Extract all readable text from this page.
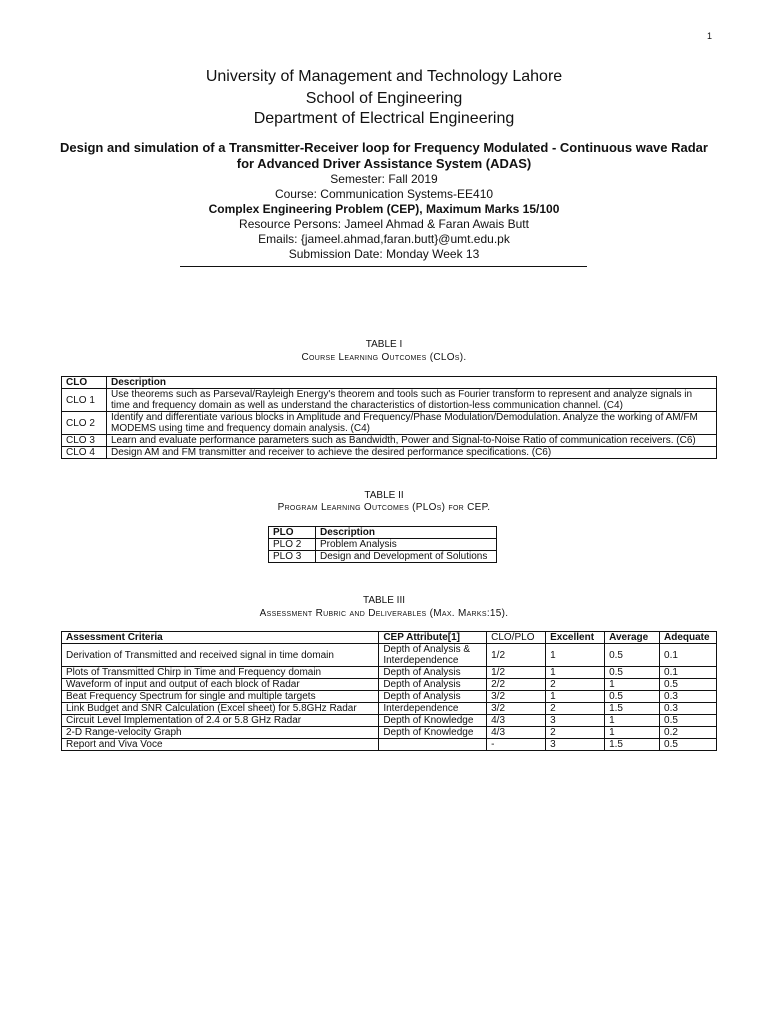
1
University of Management and Technology Lahore
School of Engineering
Department of Electrical Engineering
Design and simulation of a Transmitter-Receiver loop for Frequency Modulated - Continuous wave Radar for Advanced Driver Assistance System (ADAS)
Semester: Fall 2019
Course: Communication Systems-EE410
Complex Engineering Problem (CEP), Maximum Marks 15/100
Resource Persons: Jameel Ahmad & Faran Awais Butt
Emails: {jameel.ahmad,faran.butt}@umt.edu.pk
Submission Date: Monday Week 13
TABLE I
Course Learning Outcomes (CLOs).
CLO	Description
CLO 1	Use theorems such as Parseval/Rayleigh Energy's theorem and tools such as Fourier transform to represent and analyze signals in time and frequency domain as well as understand the characteristics of distortion-less communication channel. (C4)
CLO 2	Identify and differentiate various blocks in Amplitude and Frequency/Phase Modulation/Demodulation. Analyze the working of AM/FM MODEMS using time and frequency domain analysis. (C4)
CLO 3	Learn and evaluate performance parameters such as Bandwidth, Power and Signal-to-Noise Ratio of communication receivers. (C6)
CLO 4	Design AM and FM transmitter and receiver to achieve the desired performance specifications. (C6)
TABLE II
Program Learning Outcomes (PLOs) for CEP.
PLO	Description
PLO 2	Problem Analysis
PLO 3	Design and Development of Solutions
TABLE III
Assessment Rubric and Deliverables (Max. Marks:15).
Assessment Criteria	CEP Attribute[1]	CLO/PLO	Excellent	Average	Adequate
Derivation of Transmitted and received signal in time domain	Depth of Analysis & Interdependence	1/2	1	0.5	0.1
Plots of Transmitted Chirp in Time and Frequency domain	Depth of Analysis	1/2	1	0.5	0.1
Waveform of input and output of each block of Radar	Depth of Analysis	2/2	2	1	0.5
Beat Frequency Spectrum for single and multiple targets	Depth of Analysis	3/2	1	0.5	0.3
Link Budget and SNR Calculation (Excel sheet) for 5.8GHz Radar	Interdependence	3/2	2	1.5	0.3
Circuit Level Implementation of 2.4 or 5.8 GHz Radar	Depth of Knowledge	4/3	3	1	0.5
2-D Range-velocity Graph	Depth of Knowledge	4/3	2	1	0.2
Report and Viva Voce		-	3	1.5	0.5
